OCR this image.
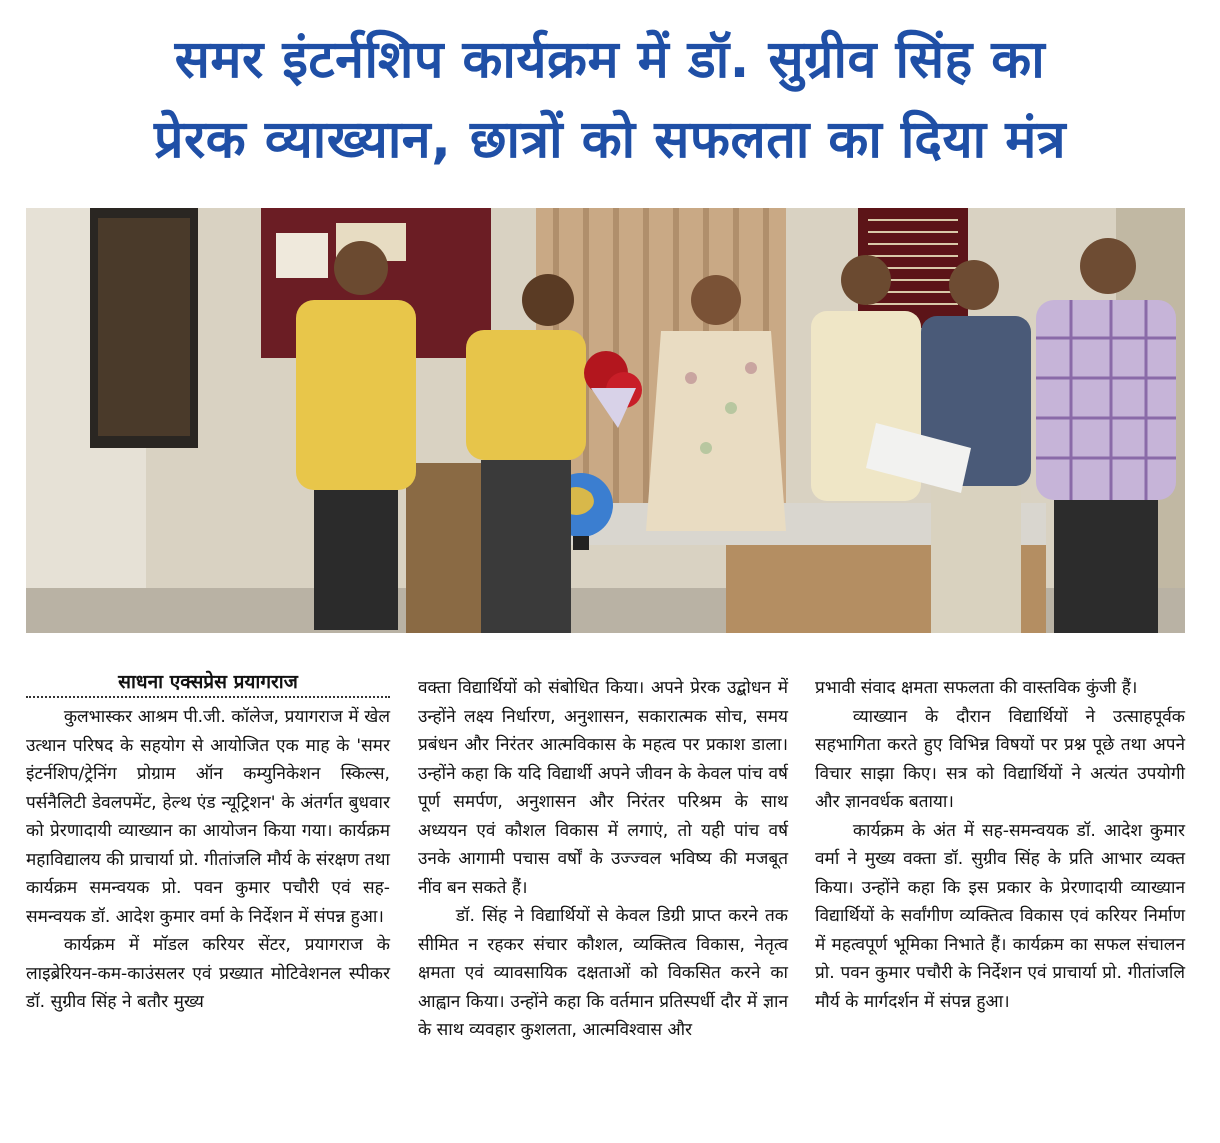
समर इंटर्नशिप कार्यक्रम में डॉ. सुग्रीव सिंह का
प्रेरक व्याख्यान, छात्रों को सफलता का दिया मंत्र
साधना एक्सप्रेस प्रयागराज

कुलभास्कर आश्रम पी.जी. कॉलेज, प्रयागराज में खेल उत्थान परिषद के सहयोग से आयोजित एक माह के 'समर इंटर्नशिप/ट्रेनिंग प्रोग्राम ऑन कम्युनिकेशन स्किल्स, पर्सनैलिटी डेवलपमेंट, हेल्थ एंड न्यूट्रिशन' के अंतर्गत बुधवार को प्रेरणादायी व्याख्यान का आयोजन किया गया। कार्यक्रम महाविद्यालय की प्राचार्या प्रो. गीतांजलि मौर्य के संरक्षण तथा कार्यक्रम समन्वयक प्रो. पवन कुमार पचौरी एवं सह-समन्वयक डॉ. आदेश कुमार वर्मा के निर्देशन में संपन्न हुआ।

कार्यक्रम में मॉडल करियर सेंटर, प्रयागराज के लाइब्रेरियन-कम-काउंसलर एवं प्रख्यात मोटिवेशनल स्पीकर डॉ. सुग्रीव सिंह ने बतौर मुख्य

वक्ता विद्यार्थियों को संबोधित किया। अपने प्रेरक उद्बोधन में उन्होंने लक्ष्य निर्धारण, अनुशासन, सकारात्मक सोच, समय प्रबंधन और निरंतर आत्मविकास के महत्व पर प्रकाश डाला। उन्होंने कहा कि यदि विद्यार्थी अपने जीवन के केवल पांच वर्ष पूर्ण समर्पण, अनुशासन और निरंतर परिश्रम के साथ अध्ययन एवं कौशल विकास में लगाएं, तो यही पांच वर्ष उनके आगामी पचास वर्षों के उज्ज्वल भविष्य की मजबूत नींव बन सकते हैं।

डॉ. सिंह ने विद्यार्थियों से केवल डिग्री प्राप्त करने तक सीमित न रहकर संचार कौशल, व्यक्तित्व विकास, नेतृत्व क्षमता एवं व्यावसायिक दक्षताओं को विकसित करने का आह्वान किया। उन्होंने कहा कि वर्तमान प्रतिस्पर्धी दौर में ज्ञान के साथ व्यवहार कुशलता, आत्मविश्वास और

प्रभावी संवाद क्षमता सफलता की वास्तविक कुंजी हैं।

व्याख्यान के दौरान विद्यार्थियों ने उत्साहपूर्वक सहभागिता करते हुए विभिन्न विषयों पर प्रश्न पूछे तथा अपने विचार साझा किए। सत्र को विद्यार्थियों ने अत्यंत उपयोगी और ज्ञानवर्धक बताया।

कार्यक्रम के अंत में सह-समन्वयक डॉ. आदेश कुमार वर्मा ने मुख्य वक्ता डॉ. सुग्रीव सिंह के प्रति आभार व्यक्त किया। उन्होंने कहा कि इस प्रकार के प्रेरणादायी व्याख्यान विद्यार्थियों के सर्वांगीण व्यक्तित्व विकास एवं करियर निर्माण में महत्वपूर्ण भूमिका निभाते हैं। कार्यक्रम का सफल संचालन प्रो. पवन कुमार पचौरी के निर्देशन एवं प्राचार्या प्रो. गीतांजलि मौर्य के मार्गदर्शन में संपन्न हुआ।
